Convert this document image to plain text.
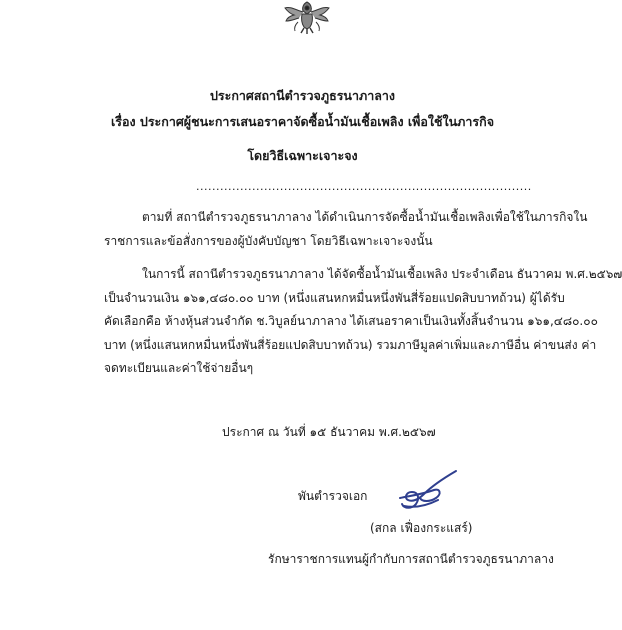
ประกาศสถานีตำรวจภูธรนาภาลาง
เรื่อง ประกาศผู้ชนะการเสนอราคาจัดซื้อน้ำมันเชื้อเพลิง เพื่อใช้ในภารกิจ
โดยวิธีเฉพาะเจาะจง
....................................................................................
ตามที่ สถานีตำรวจภูธรนาภาลาง ได้ดำเนินการจัดซื้อน้ำมันเชื้อเพลิงเพื่อใช้ในภารกิจใน
ราชการและข้อสั่งการของผู้บังคับบัญชา โดยวิธีเฉพาะเจาะจงนั้น
ในการนี้ สถานีตำรวจภูธรนาภาลาง ได้จัดซื้อน้ำมันเชื้อเพลิง ประจำเดือน ธันวาคม พ.ศ.๒๕๖๗
เป็นจำนวนเงิน ๑๖๑,๔๘๐.๐๐ บาท (หนึ่งแสนหกหมื่นหนึ่งพันสี่ร้อยแปดสิบบาทถ้วน) ผู้ได้รับ
คัดเลือกคือ ห้างหุ้นส่วนจำกัด ช.วิบูลย์นาภาลาง ได้เสนอราคาเป็นเงินทั้งสิ้นจำนวน ๑๖๑,๔๘๐.๐๐
บาท (หนึ่งแสนหกหมื่นหนึ่งพันสี่ร้อยแปดสิบบาทถ้วน) รวมภาษีมูลค่าเพิ่มและภาษีอื่น ค่าขนส่ง ค่า
จดทะเบียนและค่าใช้จ่ายอื่นๆ
ประกาศ ณ วันที่ ๑๕ ธันวาคม พ.ศ.๒๕๖๗
พันตำรวจเอก
(สกล เฟื่องกระแสร์)
รักษาราชการแทนผู้กำกับการสถานีตำรวจภูธรนาภาลาง
